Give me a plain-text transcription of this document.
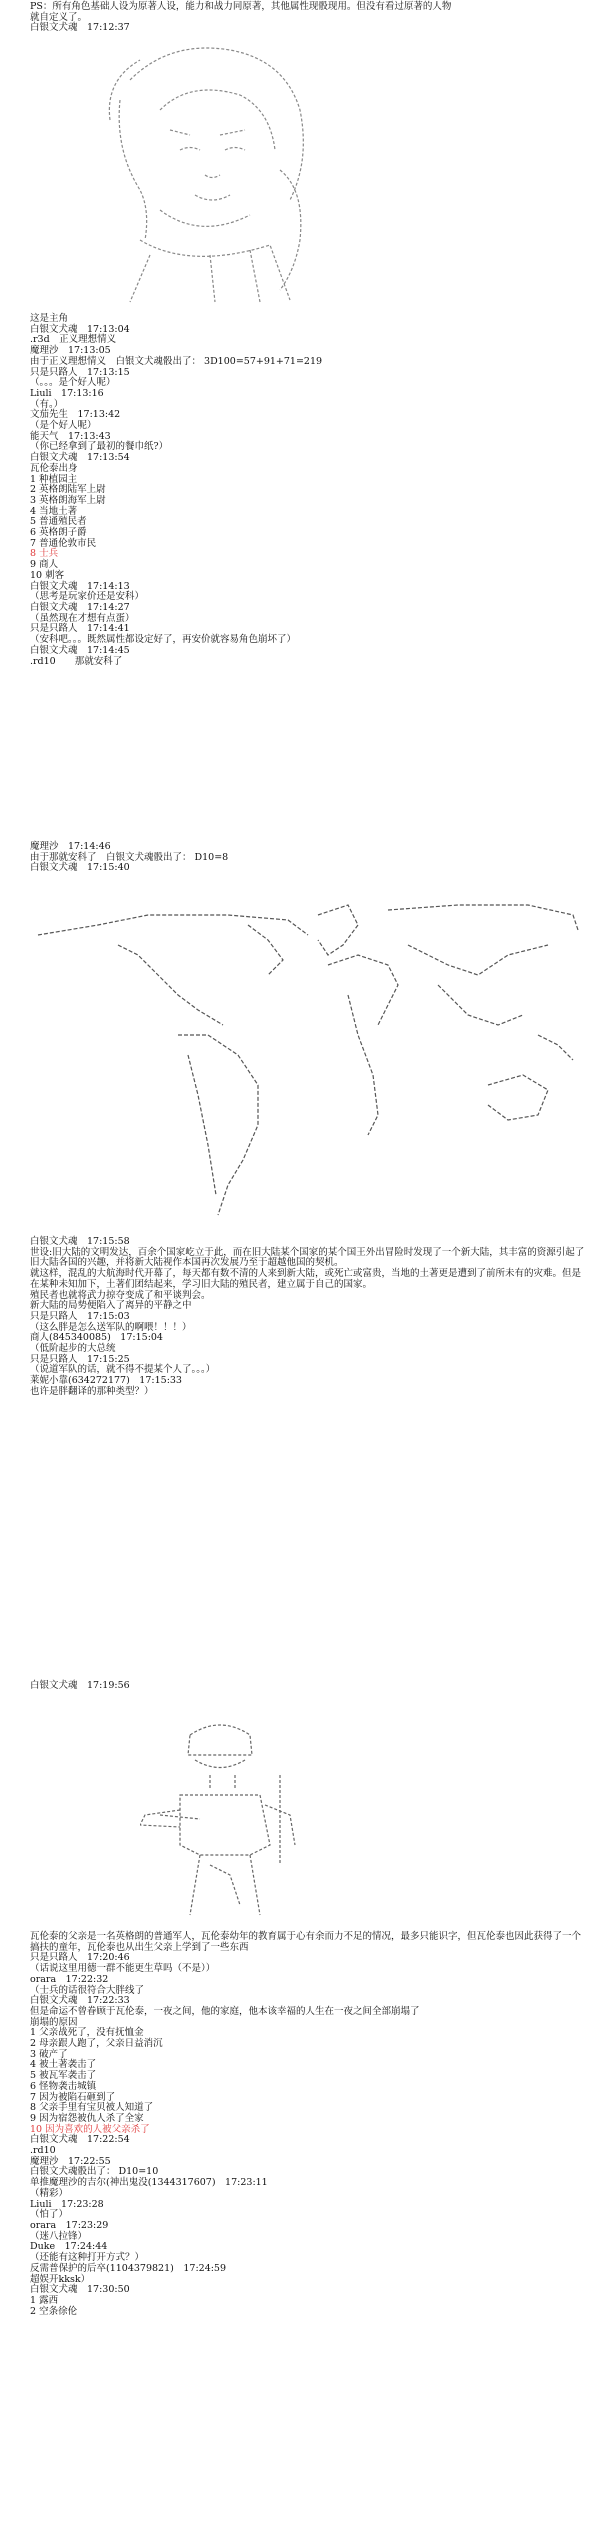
PS：所有角色基础人设为原著人设，能力和战力同原著，其他属性现骰现用。但没有看过原著的人物
就自定义了。
白银文犬魂　17:12:37
这是主角
白银文犬魂　17:13:04
.r3d　正义理想情义
魔理沙　17:13:05
由于正义理想情义　白银文犬魂骰出了： 3D100=57+91+71=219
只是只路人　17:13:15
（。。。是个好人呢）
Liuli　17:13:16
（有。）
文茄先生　17:13:42
（是个好人呢）
能天气　17:13:43
（你已经拿到了最初的餐巾纸?）
白银文犬魂　17:13:54
瓦伦泰出身
1 种植园主
2 英格朗陆军上尉
3 英格朗海军上尉
4 当地土著
5 普通殖民者
6 英格朗子爵
7 普通伦敦市民
8 士兵
9 商人
10 刺客
白银文犬魂　17:14:13
（思考是玩家价还是安科）
白银文犬魂　17:14:27
（虽然现在才想有点蛋）
只是只路人　17:14:41
（安科吧。。。既然属性都设定好了，再安价就容易角色崩坏了）
白银文犬魂　17:14:45
.rd10　　那就安科了
魔理沙　17:14:46
由于那就安科了　白银文犬魂骰出了： D10=8
白银文犬魂　17:15:40
白银文犬魂　17:15:58
世设:旧大陆的文明发达，百余个国家屹立于此，而在旧大陆某个国家的某个国王外出冒险时发现了一个新大陆，其丰富的资源引起了旧大陆各国的兴趣，并将新大陆视作本国再次发展乃至于超越他国的契机。
就这样，混乱的大航海时代开幕了，每天都有数不清的人来到新大陆，或死亡或富贵，当地的土著更是遭到了前所未有的灾难。但是在某种未知加下，土著们团结起来，学习旧大陆的殖民者，建立属于自己的国家。
殖民者也就将武力掠夺变成了和平谈判会。
新大陆的局势便陷入了离异的平静之中
只是只路人　17:15:03
（这么胖是怎么送军队的啊喂！！！）
商人(845340085)　17:15:04
（低阶起步的大总统
只是只路人　17:15:25
（说道军队的话，就不得不提某个人了。。。）
莱妮小靠(634272177)　17:15:33
也许是胖翻译的那种类型？）
白银文犬魂　17:19:56
瓦伦泰的父亲是一名英格朗的普通军人，瓦伦泰幼年的教育属于心有余而力不足的情况，最多只能识字，但瓦伦泰也因此获得了一个搞扶的童年，瓦伦泰也从出生父亲上学到了一些东西
只是只路人　17:20:46
（话说这里用德一群不能更生草吗（不是））
orara　17:22:32
（士兵的话很符合大胖线了
白银文犬魂　17:22:33
但是命运不曾眷顾于瓦伦泰，一夜之间，他的家庭，他本该幸福的人生在一夜之间全部崩塌了
崩塌的原因
1 父亲战死了，没有抚恤金
2 母亲跟人跑了，父亲日益消沉
3 破产了
4 被土著袭击了
5 被瓦军袭击了
6 怪物袭击城镇
7 因为被陷石砸到了
8 父亲手里有宝贝被人知道了
9 因为宿怨被仇人杀了全家
10 因为喜欢的人被父亲杀了
白银文犬魂　17:22:54
.rd10
魔理沙　17:22:55
白银文犬魂骰出了： D10=10
单推魔理沙的吉尔(神出鬼没(1344317607)　17:23:11
（精彩）
Liuli　17:23:28
（怕了）
orara　17:23:29
（迷八拉锋）
Duke　17:24:44
（还能有这种打开方式？）
反需普保护的后卒(1104379821)　17:24:59
超娱开kksk）
白银文犬魂　17:30:50
1 露西
2 空条徐伦
